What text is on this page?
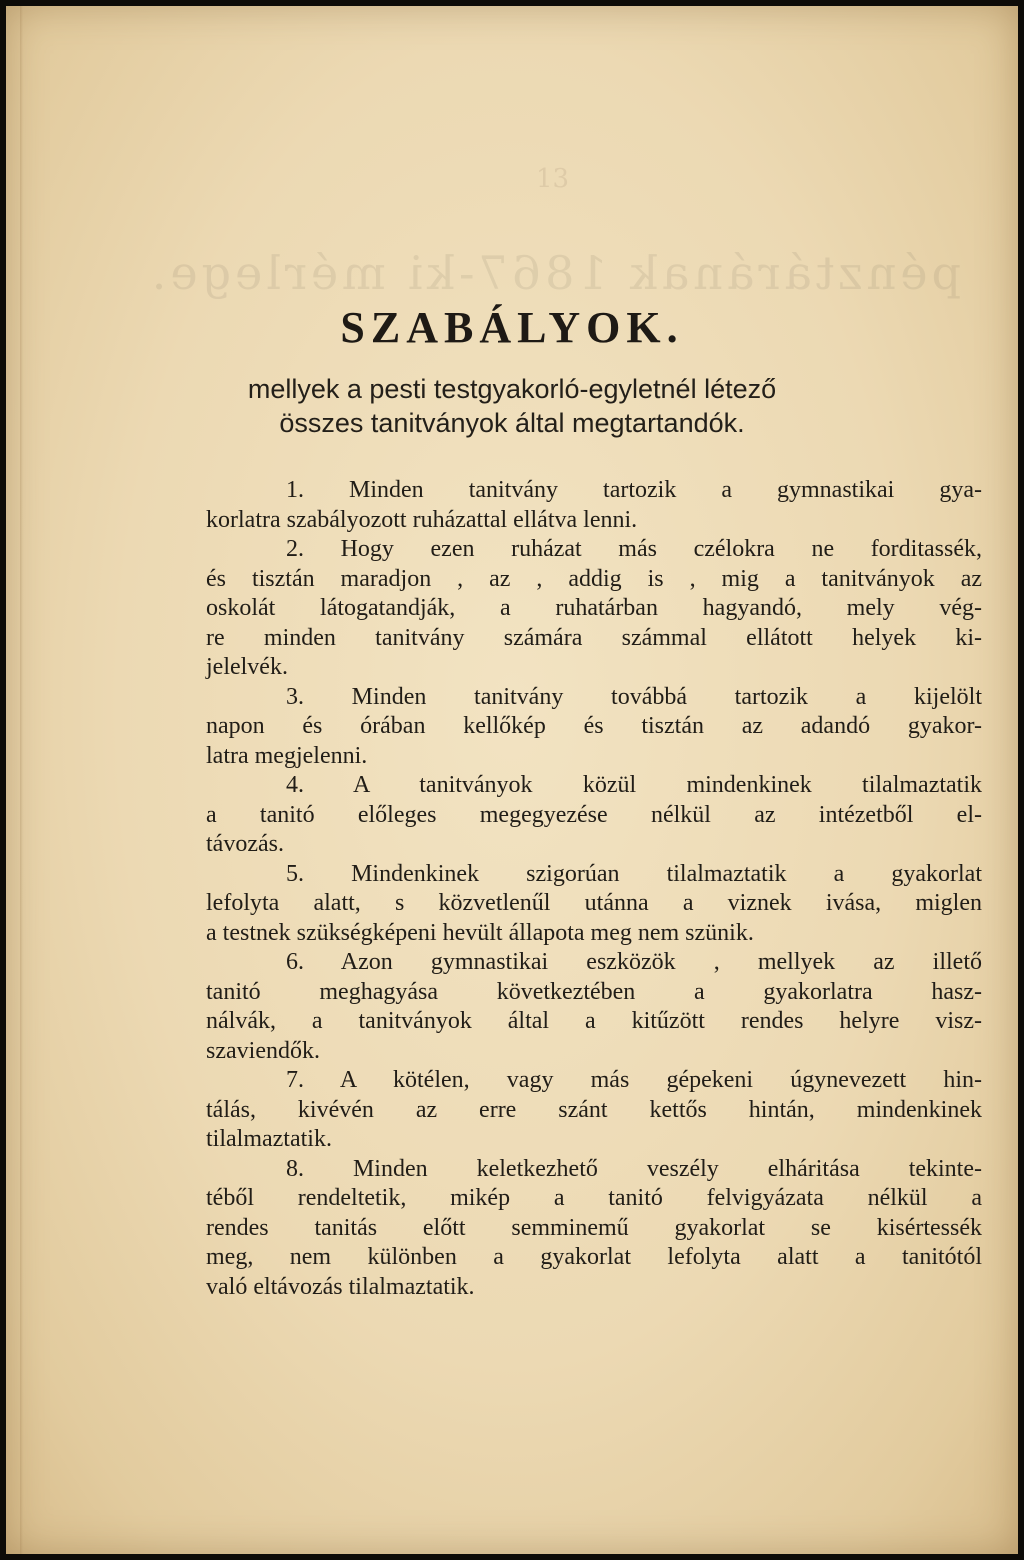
13
pénztárának 1867-ki mérlege.
SZABÁLYOK.
mellyek a pesti testgyakorló-egyletnél létező
összes tanitványok által megtartandók.
1. Minden tanitvány tartozik a gymnastikai gya-
korlatra szabályozott ruházattal ellátva lenni.
2. Hogy ezen ruházat más czélokra ne forditassék,
és tisztán maradjon , az , addig is , mig a tanitványok az
oskolát látogatandják, a ruhatárban hagyandó, mely vég-
re minden tanitvány számára számmal ellátott helyek ki-
jelelvék.
3. Minden tanitvány továbbá tartozik a kijelölt
napon és órában kellőkép és tisztán az adandó gyakor-
latra megjelenni.
4. A tanitványok közül mindenkinek tilalmaztatik
a tanitó előleges megegyezése nélkül az intézetből el-
távozás.
5. Mindenkinek szigorúan tilalmaztatik a gyakorlat
lefolyta alatt, s közvetlenűl utánna a viznek ivása, miglen
a testnek szükségképeni hevült állapota meg nem szünik.
6. Azon gymnastikai eszközök , mellyek az illető
tanitó meghagyása következtében a gyakorlatra hasz-
nálvák, a tanitványok által a kitűzött rendes helyre visz-
szaviendők.
7. A kötélen, vagy más gépekeni úgynevezett hin-
tálás, kivévén az erre szánt kettős hintán, mindenkinek
tilalmaztatik.
8. Minden keletkezhető veszély elháritása tekinte-
téből rendeltetik, mikép a tanitó felvigyázata nélkül a
rendes tanitás előtt semminemű gyakorlat se kisértessék
meg, nem különben a gyakorlat lefolyta alatt a tanitótól
való eltávozás tilalmaztatik.
